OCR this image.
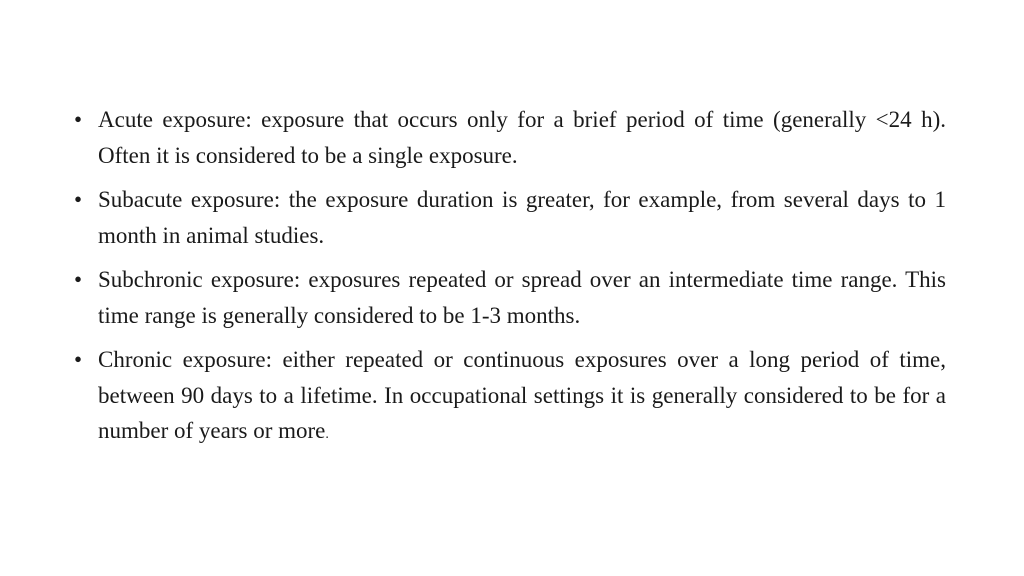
• Acute exposure: exposure that occurs only for a brief period of time (generally <24 h). Often it is considered to be a single exposure.
• Subacute exposure: the exposure duration is greater, for example, from several days to 1 month in animal studies.
• Subchronic exposure: exposures repeated or spread over an intermediate time range. This time range is generally considered to be 1-3 months.
• Chronic exposure: either repeated or continuous exposures over a long period of time, between 90 days to a lifetime. In occupational settings it is generally considered to be for a number of years or more.
